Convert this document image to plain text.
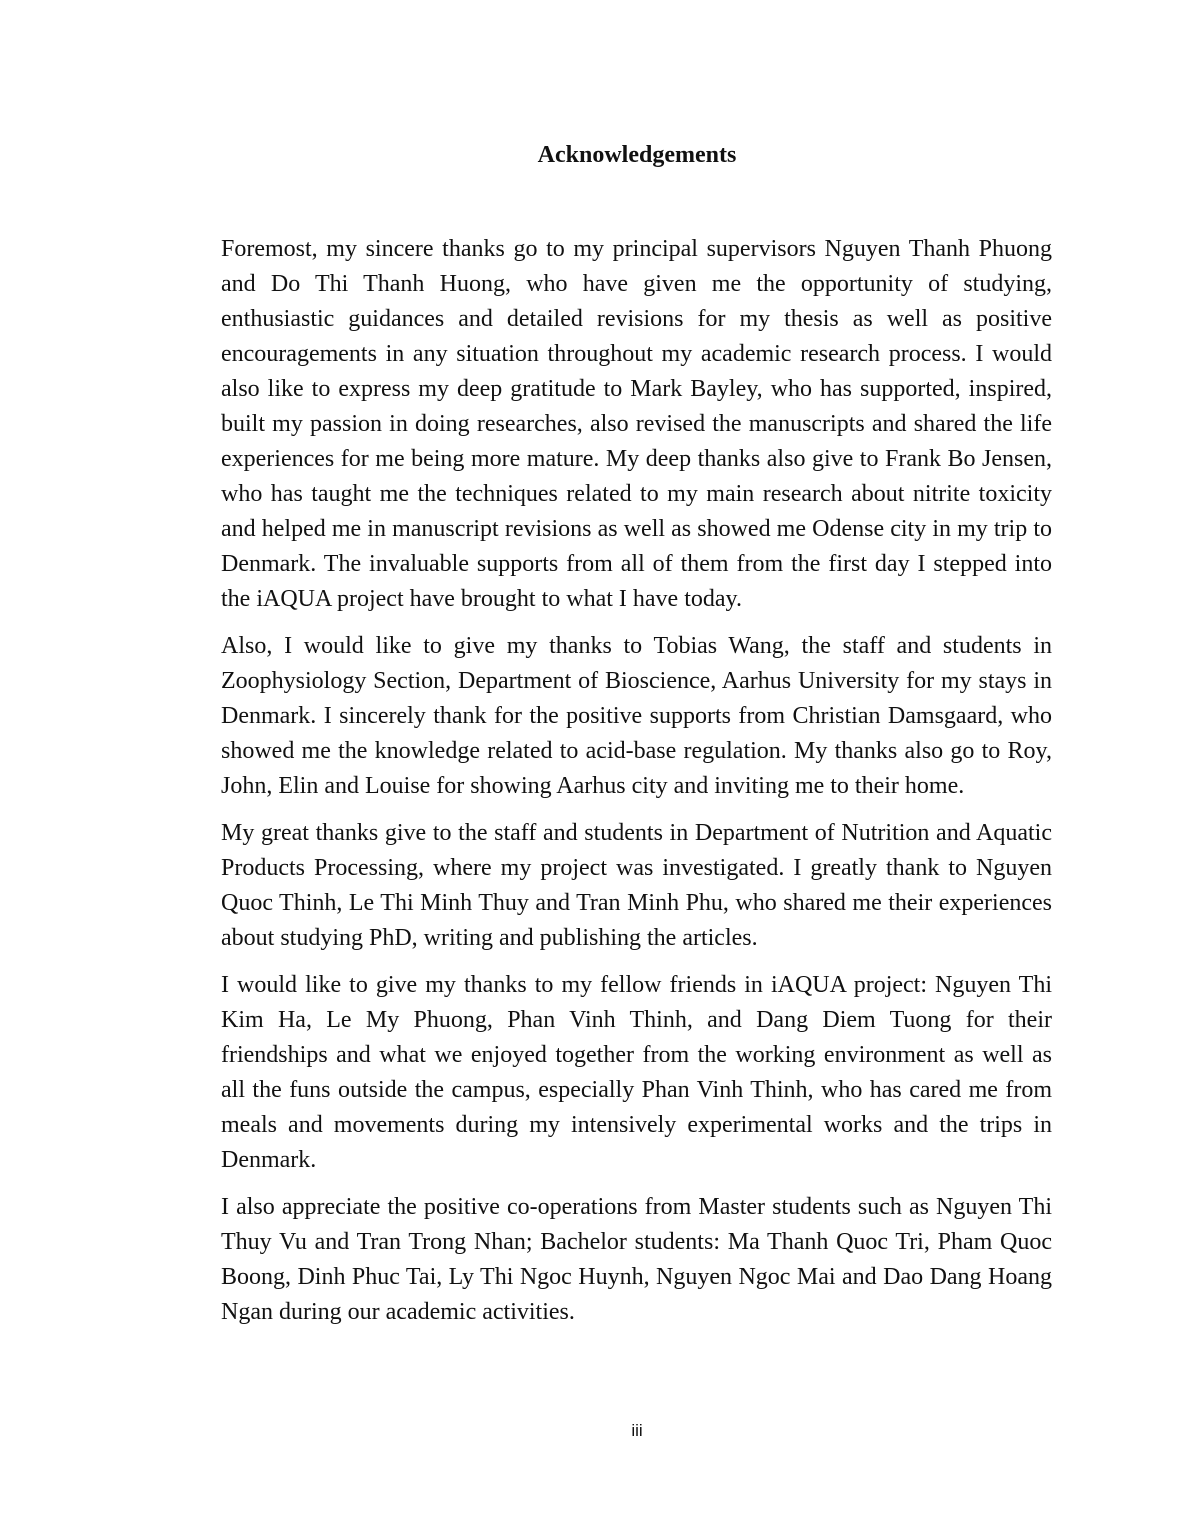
Acknowledgements

Foremost, my sincere thanks go to my principal supervisors Nguyen Thanh Phuong and Do Thi Thanh Huong, who have given me the opportunity of studying, enthusiastic guidances and detailed revisions for my thesis as well as positive encouragements in any situation throughout my academic research process. I would also like to express my deep gratitude to Mark Bayley, who has supported, inspired, built my passion in doing researches, also revised the manuscripts and shared the life experiences for me being more mature. My deep thanks also give to Frank Bo Jensen, who has taught me the techniques related to my main research about nitrite toxicity and helped me in manuscript revisions as well as showed me Odense city in my trip to Denmark. The invaluable supports from all of them from the first day I stepped into the iAQUA project have brought to what I have today.

Also, I would like to give my thanks to Tobias Wang, the staff and students in Zoophysiology Section, Department of Bioscience, Aarhus University for my stays in Denmark. I sincerely thank for the positive supports from Christian Damsgaard, who showed me the knowledge related to acid-base regulation. My thanks also go to Roy, John, Elin and Louise for showing Aarhus city and inviting me to their home.

My great thanks give to the staff and students in Department of Nutrition and Aquatic Products Processing, where my project was investigated. I greatly thank to Nguyen Quoc Thinh, Le Thi Minh Thuy and Tran Minh Phu, who shared me their experiences about studying PhD, writing and publishing the articles.

I would like to give my thanks to my fellow friends in iAQUA project: Nguyen Thi Kim Ha, Le My Phuong, Phan Vinh Thinh, and Dang Diem Tuong for their friendships and what we enjoyed together from the working environment as well as all the funs outside the campus, especially Phan Vinh Thinh, who has cared me from meals and movements during my intensively experimental works and the trips in Denmark.

I also appreciate the positive co-operations from Master students such as Nguyen Thi Thuy Vu and Tran Trong Nhan; Bachelor students: Ma Thanh Quoc Tri, Pham Quoc Boong, Dinh Phuc Tai, Ly Thi Ngoc Huynh, Nguyen Ngoc Mai and Dao Dang Hoang Ngan during our academic activities.

iii
